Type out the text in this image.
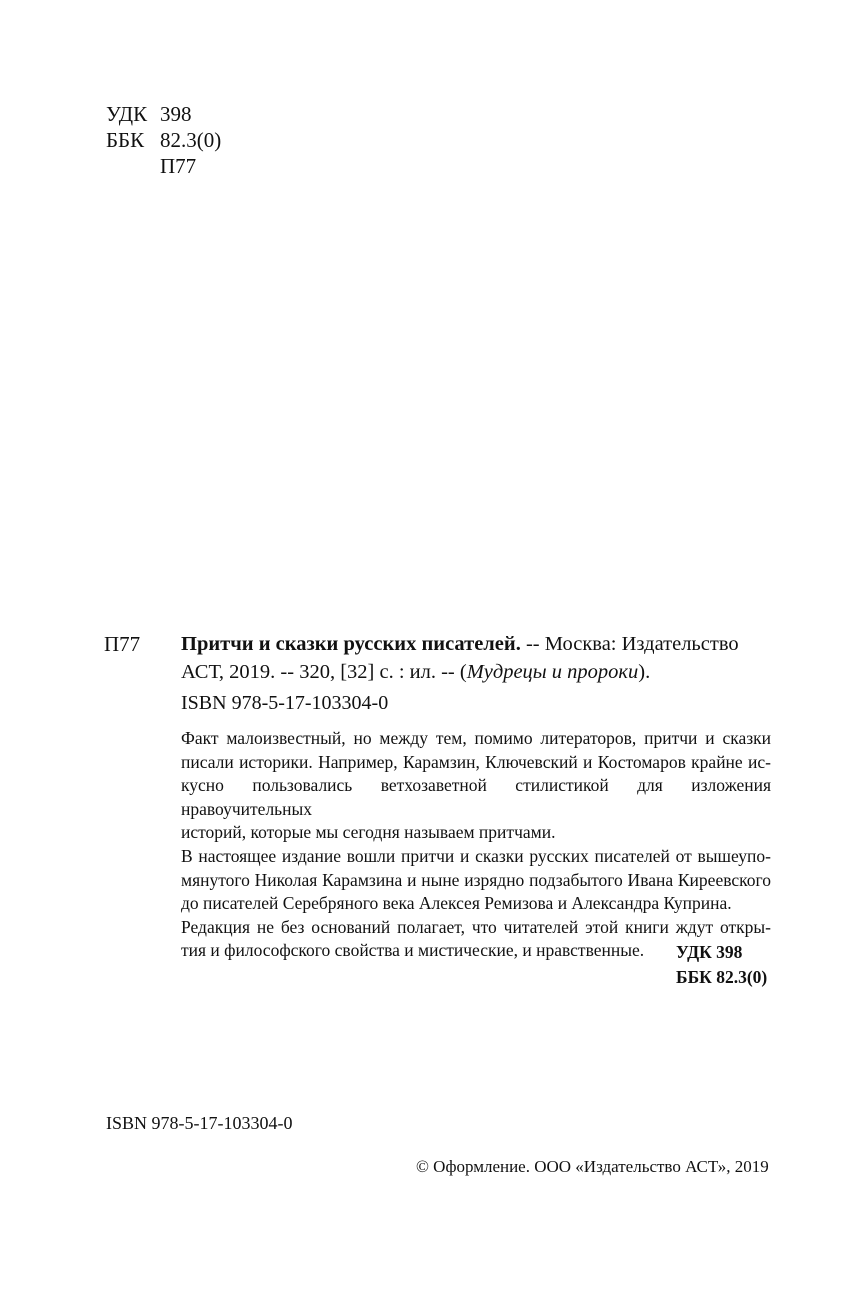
УДК 398
ББК 82.3(0)
П77
П77 Притчи и сказки русских писателей. -- Москва: Издательство
АСТ, 2019. -- 320, [32] с. : ил. -- (Мудрецы и пророки).
ISBN 978-5-17-103304-0
Факт малоизвестный, но между тем, помимо литераторов, притчи и сказки
писали историки. Например, Карамзин, Ключевский и Костомаров крайне ис-
кусно пользовались ветхозаветной стилистикой для изложения нравоучительных
историй, которые мы сегодня называем притчами.
В настоящее издание вошли притчи и сказки русских писателей от вышеупо-
мянутого Николая Карамзина и ныне изрядно подзабытого Ивана Киреевского
до писателей Серебряного века Алексея Ремизова и Александра Куприна.
Редакция не без оснований полагает, что читателей этой книги ждут откры-
тия и философского свойства и мистические, и нравственные.	УДК 398
ББК 82.3(0)
ISBN 978-5-17-103304-0
© Оформление. ООО «Издательство АСТ», 2019
